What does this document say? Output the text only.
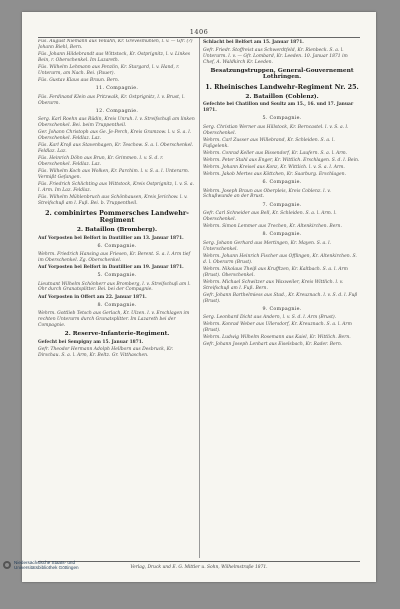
1406
Füs. August Niemann aus Vellahn, Kr. Grevesmühlen, l. v. — Gfr. (?) Johann Biehl, Bern.
Füs. Johann Hildebrandt aus Wittstock, Kr. Ostprignitz, l. v. Linkes Bein, r. Oberschenkel. Im Lazareth.
Füs. Wilhelm Lehmann aus Penzlin, Kr. Stargard, l. v. Hand, r. Unterarm, am Nach. Bei. (Pauer).
Füs. Gustav Klaus aus Braun. Bern.
11. Compagnie.
Füs. Ferdinand Klein aus Pritzwalk, Kr. Ostprignitz, l. v. Brust, l. Oberarm.
12. Compagnie.
Serg. Karl Roehn aus Rüdin, Kreis Unruh. l. v. Streifschuß am linken Oberschenkel. Bei. beim Truppentheil.
Ger. Johann Christoph aus Ge. Je-Perch, Kreis Gramzow. l. v. S. a. l. Oberschenkel. Feldlaz. Laz.
Füs. Karl Kroß aus Stavenhagen, Kr. Teschow. S. a. l. Oberschenkel. Feldlaz. Laz.
Füs. Heinrich Döhn aus Brun, Kr. Grimmen. l. v. S. d. r. Oberschenkel. Feldlaz. Laz.
Füs. Wilhelm Koch aus Wolken, Kr. Parchim. l. v. S. a. l. Unterarm. Vermißt Gefangen.
Füs. Friedrich Schlichting aus Wittstock, Kreis Ostprignitz, l. v. S. a. l. Arm. Im Laz. Feldlaz.
Füs. Wilhelm Mühlenbruch aus Schönhausen, Kreis Jerichow. l. v. Streifschuß am l. Fuß. Bei. b. Truppentheil.
2. combinirtes Pommersches Landwehr-Regiment
2. Bataillon (Bromberg).
Auf Vorposten bei Belfort in Dautillier am 13. Januar 1871.
6. Compagnie.
Wehrm. Friedrich Hansing aus Friesen, Kr. Berent. S. a. l. Arm tief im Oberschenkel. Zg. Oberschenkel.
Auf Vorposten bei Belfort in Dautillier am 19. Januar 1871.
5. Compagnie.
Lieutnant Wilhelm Schönherr aus Bromberg, l. v. Streifschuß am l. Ohr durch Granatsplitter. Bei. bei der Compagnie.
Auf Vorposten in Offert am 22. Januar 1871.
8. Compagnie.
Wehrm. Gottlieb Tetsch aus Gerlach, Kr. Ulzen. l. v. Erschlagen im rechten Unterarm durch Granatsplitter. Im Lazareth bei der Compagnie.
2. Reserve-Infanterie-Regiment.
Gefecht bei Sempigny am 15. Januar 1871.
Gefr. Theodor Hermann Adolph Hellborn aus Desbruck, Kr. Dirschau. S. a. l. Arm, Kr. Beltz. Gr. Vitthaschen.
Schlacht bei Belfort am 15. Januar 1871.
Gefr. Friedr. Stoffreist aus Schwerdtfeld, Kr. Rienbeck. S. a. l. Unterarm. l. v. — Gfr. Lombard, Kr. Leeden. 10. Januar 1871 im Chef, A. Waldkirch Kr. Leeden.
Besatzungstruppen, General-Gouvernement Lothringen.
1. Rheinisches Landwehr-Regiment Nr. 25.
2. Bataillon (Coblenz).
Gefechte bei Chatillon und Soultz am 15., 16. und 17. Januar 1871.
5. Compagnie.
Serg. Christian Werner aus Hillstock, Kr. Berncastel. l. v. S. a. l. Oberschenkel.
Wehrm. Carl Zusser aus Willebrand, Kr. Schleiden. S. a. l. Fußgelenk.
Wehrm. Conrad Keller aus Bissendorf, Kr. Laufern. S. a. l. Arm.
Wehrm. Peter Stahl aus Enger, Kr. Wittlich. Erschlagen. S. d. l. Bein.
Wehrm. Johann Kreisel aus Konz, Kr. Wittlich. l. v. S. a. l. Arm.
Wehrm. Jakob Mertes aus Köttchen, Kr. Saarburg. Erschlagen.
6. Compagnie.
Wehrm. Joseph Braun aus Oberpleis, Kreis Coblenz. l. v. Schußwunde an der Brust.
7. Compagnie.
Gefr. Carl Schneider aus Bell, Kr. Schleiden. S. a. l. Arm. l. Oberschenkel.
Wehrm. Simon Lemmer aus Trechen, Kr. Altenkirchen. Bern.
8. Compagnie.
Serg. Johann Gerhard aus Mertingen, Kr. Mayen. S. a. l. Unterschenkel.
Wehrm. Johann Heinrich Fischer aus Offlingen, Kr. Altenkirchen. S. d. l. Oberarm (Brust).
Wehrm. Nikolaus Theiß aus Krufftzen, Kr. Kaltbach. S. a. l. Arm (Brust). Oberschenkel.
Wehrm. Michael Schwitzer aus Waxweiler, Kreis Wittlich. l. v. Streifschuß am l. Fuß. Bern.
Gefr. Johann Barthelmiess aus Stad., Kr. Kreuznach. l. v. S. d. l. Fuß (Brust).
9. Compagnie.
Serg. Leonhard Dicht aus Andern, l. v. S. d. l. Arm (Brust).
Wehrm. Konrad Weber aus Ullersdorf, Kr. Kreuznach. S. a. l. Arm (Brust).
Wehrm. Ludwig Wilhelm Rosemann aus Kaiel, Kr. Wittlich. Bern.
Gefr. Johann Joseph Lenhart aus Eiselsbach, Kr. Rader. Bern.
Verlag, Druck und E. G. Mittler u. Sohn, Wilhelmstraße 1871.
Niedersächsische Staats- und
Universitätsbibliothek Göttingen
